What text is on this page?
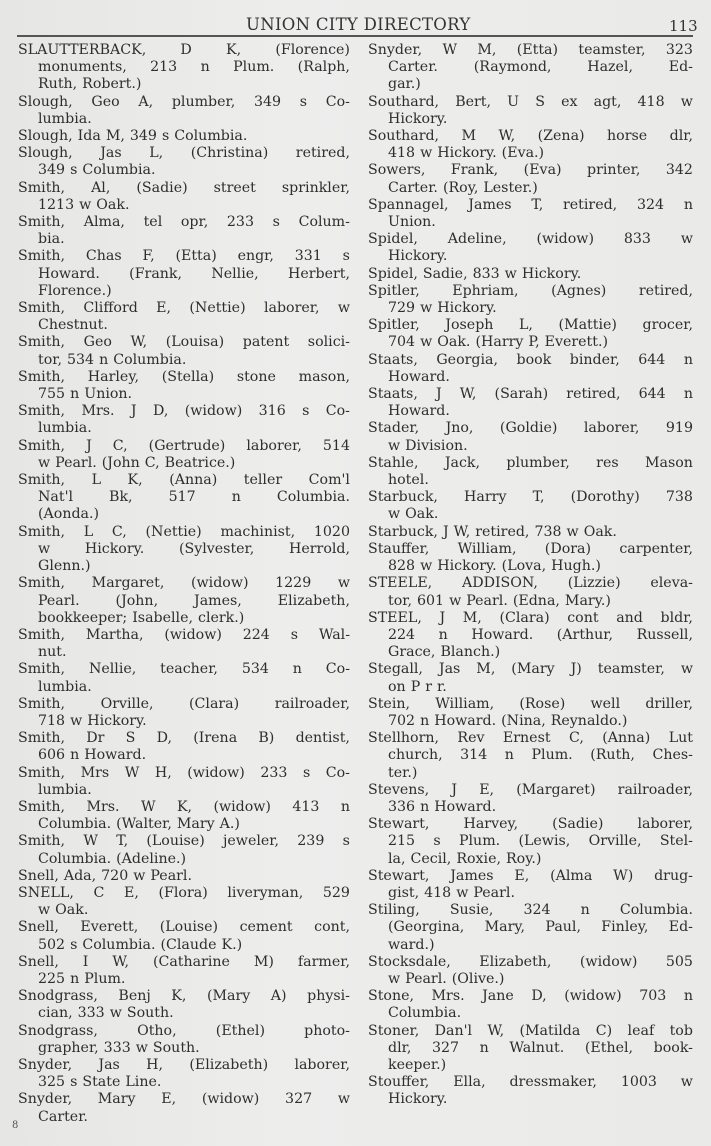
UNION CITY DIRECTORY	113
SLAUTTERBACK, D K, (Florence)
monuments, 213 n Plum. (Ralph,
Ruth, Robert.)
Slough, Geo A, plumber, 349 s Co-
lumbia.
Slough, Ida M, 349 s Columbia.
Slough, Jas L, (Christina) retired,
349 s Columbia.
Smith, Al, (Sadie) street sprinkler,
1213 w Oak.
Smith, Alma, tel opr, 233 s Colum-
bia.
Smith, Chas F, (Etta) engr, 331 s
Howard. (Frank, Nellie, Herbert,
Florence.)
Smith, Clifford E, (Nettie) laborer, w
Chestnut.
Smith, Geo W, (Louisa) patent solici-
tor, 534 n Columbia.
Smith, Harley, (Stella) stone mason,
755 n Union.
Smith, Mrs. J D, (widow) 316 s Co-
lumbia.
Smith, J C, (Gertrude) laborer, 514
w Pearl. (John C, Beatrice.)
Smith, L K, (Anna) teller Com'l
Nat'l	Bk,	517	n	Columbia.
(Aonda.)
Smith, L C, (Nettie) machinist, 1020
w Hickory. (Sylvester, Herrold,
Glenn.)
Smith, Margaret, (widow) 1229 w
Pearl.	(John,	James,	Elizabeth,
bookkeeper; Isabelle, clerk.)
Smith, Martha, (widow) 224 s Wal-
nut.
Smith, Nellie, teacher, 534 n Co-
lumbia.
Smith,	Orville,	(Clara)	railroader,
718 w Hickory.
Smith, Dr S D, (Irena B) dentist,
606 n Howard.
Smith, Mrs W H, (widow) 233 s Co-
lumbia.
Smith, Mrs. W K, (widow) 413 n
Columbia. (Walter, Mary A.)
Smith, W T, (Louise) jeweler, 239 s
Columbia. (Adeline.)
Snell, Ada, 720 w Pearl.
SNELL, C E, (Flora) liveryman, 529
w Oak.
Snell, Everett, (Louise) cement cont,
502 s Columbia. (Claude K.)
Snell, I W, (Catharine M) farmer,
225 n Plum.
Snodgrass, Benj K, (Mary A) physi-
cian, 333 w South.
Snodgrass,	Otho,	(Ethel)	photo-
grapher, 333 w South.
Snyder, Jas H, (Elizabeth) laborer,
325 s State Line.
Snyder, Mary E, (widow) 327 w
Carter.
Snyder, W M, (Etta) teamster, 323
Carter.	(Raymond,	Hazel,	Ed-
gar.)
Southard, Bert, U S ex agt, 418 w
Hickory.
Southard, M W, (Zena) horse dlr,
418 w Hickory. (Eva.)
Sowers, Frank, (Eva) printer, 342
Carter. (Roy, Lester.)
Spannagel, James T, retired, 324 n
Union.
Spidel, Adeline, (widow) 833 w
Hickory.
Spidel, Sadie, 833 w Hickory.
Spitler, Ephriam, (Agnes) retired,
729 w Hickory.
Spitler, Joseph L, (Mattie) grocer,
704 w Oak. (Harry P, Everett.)
Staats, Georgia, book binder, 644 n
Howard.
Staats, J W, (Sarah) retired, 644 n
Howard.
Stader, Jno, (Goldie) laborer, 919
w Division.
Stahle, Jack, plumber, res Mason
hotel.
Starbuck, Harry T, (Dorothy) 738
w Oak.
Starbuck, J W, retired, 738 w Oak.
Stauffer, William, (Dora) carpenter,
828 w Hickory. (Lova, Hugh.)
STEELE, ADDISON, (Lizzie) eleva-
tor, 601 w Pearl. (Edna, Mary.)
STEEL, J M, (Clara) cont and bldr,
224 n Howard. (Arthur, Russell,
Grace, Blanch.)
Stegall, Jas M, (Mary J) teamster, w
on P r r.
Stein, William, (Rose) well driller,
702 n Howard. (Nina, Reynaldo.)
Stellhorn, Rev Ernest C, (Anna) Lut
church, 314 n Plum. (Ruth, Ches-
ter.)
Stevens, J E, (Margaret) railroader,
336 n Howard.
Stewart, Harvey, (Sadie) laborer,
215 s Plum. (Lewis, Orville, Stel-
la, Cecil, Roxie, Roy.)
Stewart, James E, (Alma W) drug-
gist, 418 w Pearl.
Stiling, Susie, 324 n Columbia.
(Georgina, Mary, Paul, Finley, Ed-
ward.)
Stocksdale, Elizabeth, (widow) 505
w Pearl. (Olive.)
Stone, Mrs. Jane D, (widow) 703 n
Columbia.
Stoner, Dan'l W, (Matilda C) leaf tob
dlr, 327 n Walnut. (Ethel, book-
keeper.)
Stouffer, Ella, dressmaker, 1003 w
Hickory.
8
